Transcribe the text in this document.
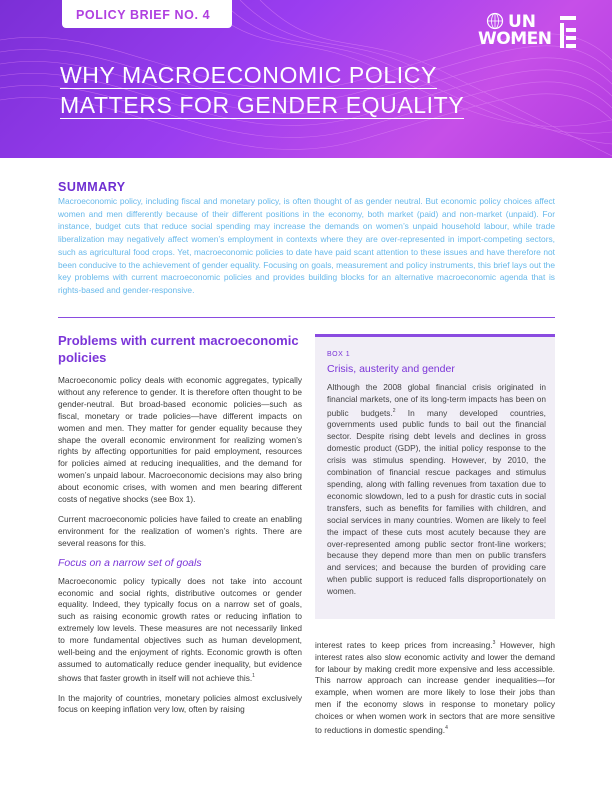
POLICY BRIEF NO. 4	UN
WOMEN
WHY MACROECONOMIC POLICY
MATTERS FOR GENDER EQUALITY
SUMMARY
Macroeconomic policy, including fiscal and monetary policy, is often thought of as gender neutral. But economic policy choices affect women and men differently because of their different positions in the economy, both market (paid) and non-market (unpaid). For instance, budget cuts that reduce social spending may increase the demands on women’s unpaid household labour, while trade liberalization may negatively affect women’s employment in contexts where they are over-represented in import-competing sectors, such as agricultural food crops. Yet, macroeconomic policies to date have paid scant attention to these issues and have therefore not been conducive to the achievement of gender equality. Focusing on goals, measurement and policy instruments, this brief lays out the key problems with current macroeconomic policies and provides building blocks for an alternative macroeconomic agenda that is rights-based and gender-responsive.
Problems with current macroeconomic policies

Macroeconomic policy deals with economic aggregates, typically without any reference to gender. It is therefore often thought to be gender-neutral. But broad-based economic policies—such as fiscal, monetary or trade policies—have different impacts on women and men. They matter for gender equality because they shape the overall economic environment for realizing women’s rights by affecting opportunities for paid employment, resources for policies aimed at reducing inequalities, and the demand for women’s unpaid labour. Macroeconomic decisions may also bring about economic crises, with women and men bearing different costs of negative shocks (see Box 1).

Current macroeconomic policies have failed to create an enabling environment for the realization of women’s rights. There are several reasons for this.

Focus on a narrow set of goals

Macroeconomic policy typically does not take into account economic and social rights, distributive outcomes or gender equality. Indeed, they typically focus on a narrow set of goals, such as raising economic growth rates or reducing inflation to extremely low levels. These measures are not necessarily linked to more fundamental objectives such as human development, well-being and the enjoyment of rights. Economic growth is often assumed to automatically reduce gender inequality, but evidence shows that faster growth in itself will not achieve this.$^1$

In the majority of countries, monetary policies almost exclusively focus on keeping inflation very low, often by raising

BOX 1
Crisis, austerity and gender
Although the 2008 global financial crisis originated in financial markets, one of its long-term impacts has been on public budgets.$^2$ In many developed countries, governments used public funds to bail out the financial sector. Despite rising debt levels and declines in gross domestic product (GDP), the initial policy response to the crisis was stimulus spending. However, by 2010, the combination of financial rescue packages and stimulus spending, along with falling revenues from taxation due to economic slowdown, led to a push for drastic cuts in social transfers, such as benefits for families with children, and social services in many countries. Women are likely to feel the impact of these cuts most acutely because they are over-represented among public sector front-line workers; because they depend more than men on public transfers and services; and because the burden of providing care when public support is reduced falls disproportionately on women.
interest rates to keep prices from increasing.$^3$ However, high interest rates also slow economic activity and lower the demand for labour by making credit more expensive and less accessible. This narrow approach can increase gender inequalities—for example, when women are more likely to lose their jobs than men if the economy slows in response to monetary policy choices or when women work in sectors that are more sensitive to reductions in domestic spending.$^4$
